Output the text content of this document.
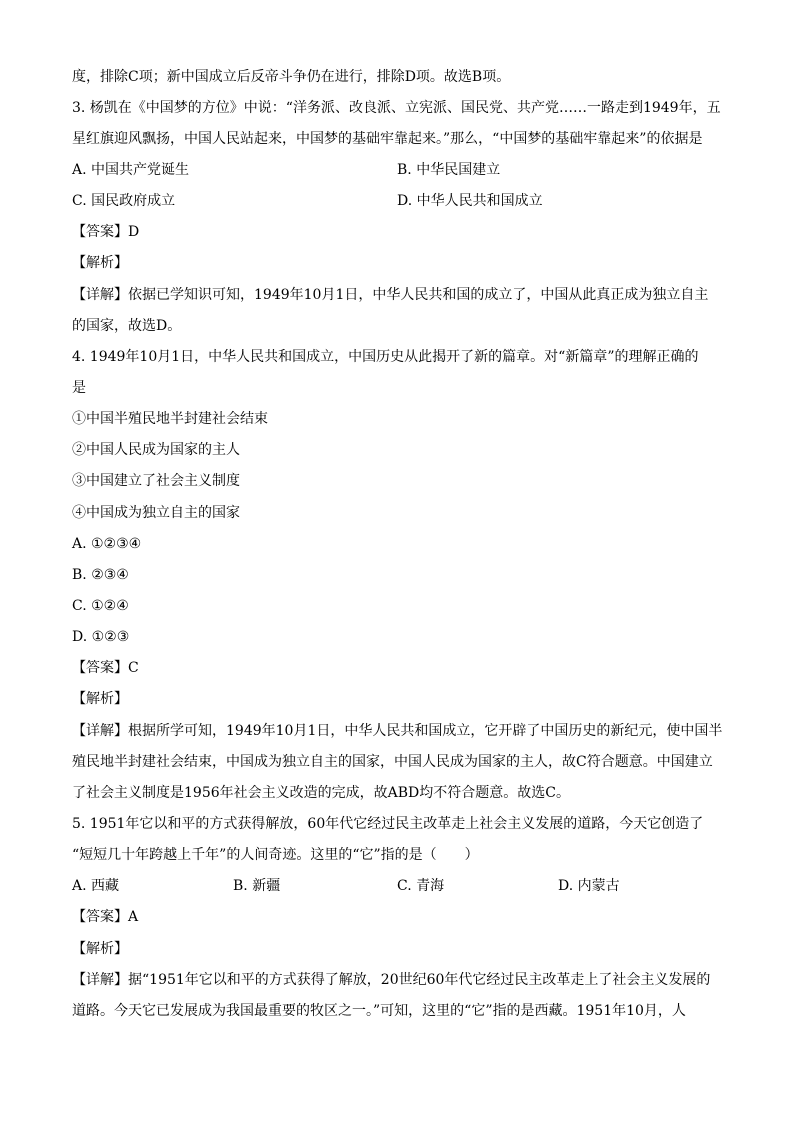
度，排除C项；新中国成立后反帝斗争仍在进行，排除D项。故选B项。
3. 杨凯在《中国梦的方位》中说：“洋务派、改良派、立宪派、国民党、共产党……一路走到1949年，五
星红旗迎风飘扬，中国人民站起来，中国梦的基础牢靠起来。”那么，“中国梦的基础牢靠起来”的依据是
A. 中国共产党诞生	B. 中华民国建立
C. 国民政府成立	D. 中华人民共和国成立
【答案】D
【解析】
【详解】依据已学知识可知，1949年10月1日，中华人民共和国的成立了，中国从此真正成为独立自主
的国家，故选D。
4. 1949年10月1日，中华人民共和国成立，中国历史从此揭开了新的篇章。对“新篇章”的理解正确的
是
①中国半殖民地半封建社会结束
②中国人民成为国家的主人
③中国建立了社会主义制度
④中国成为独立自主的国家
A. ①②③④
B. ②③④
C. ①②④
D. ①②③
【答案】C
【解析】
【详解】根据所学可知，1949年10月1日，中华人民共和国成立，它开辟了中国历史的新纪元，使中国半
殖民地半封建社会结束，中国成为独立自主的国家，中国人民成为国家的主人，故C符合题意。中国建立
了社会主义制度是1956年社会主义改造的完成，故ABD均不符合题意。故选C。
5. 1951年它以和平的方式获得解放，60年代它经过民主改革走上社会主义发展的道路，今天它创造了
“短短几十年跨越上千年”的人间奇迹。这里的“它”指的是（　　）
A. 西藏	B. 新疆	C. 青海	D. 内蒙古
【答案】A
【解析】
【详解】据“1951年它以和平的方式获得了解放，20世纪60年代它经过民主改革走上了社会主义发展的
道路。今天它已发展成为我国最重要的牧区之一。”可知，这里的“它”指的是西藏。1951年10月，人
